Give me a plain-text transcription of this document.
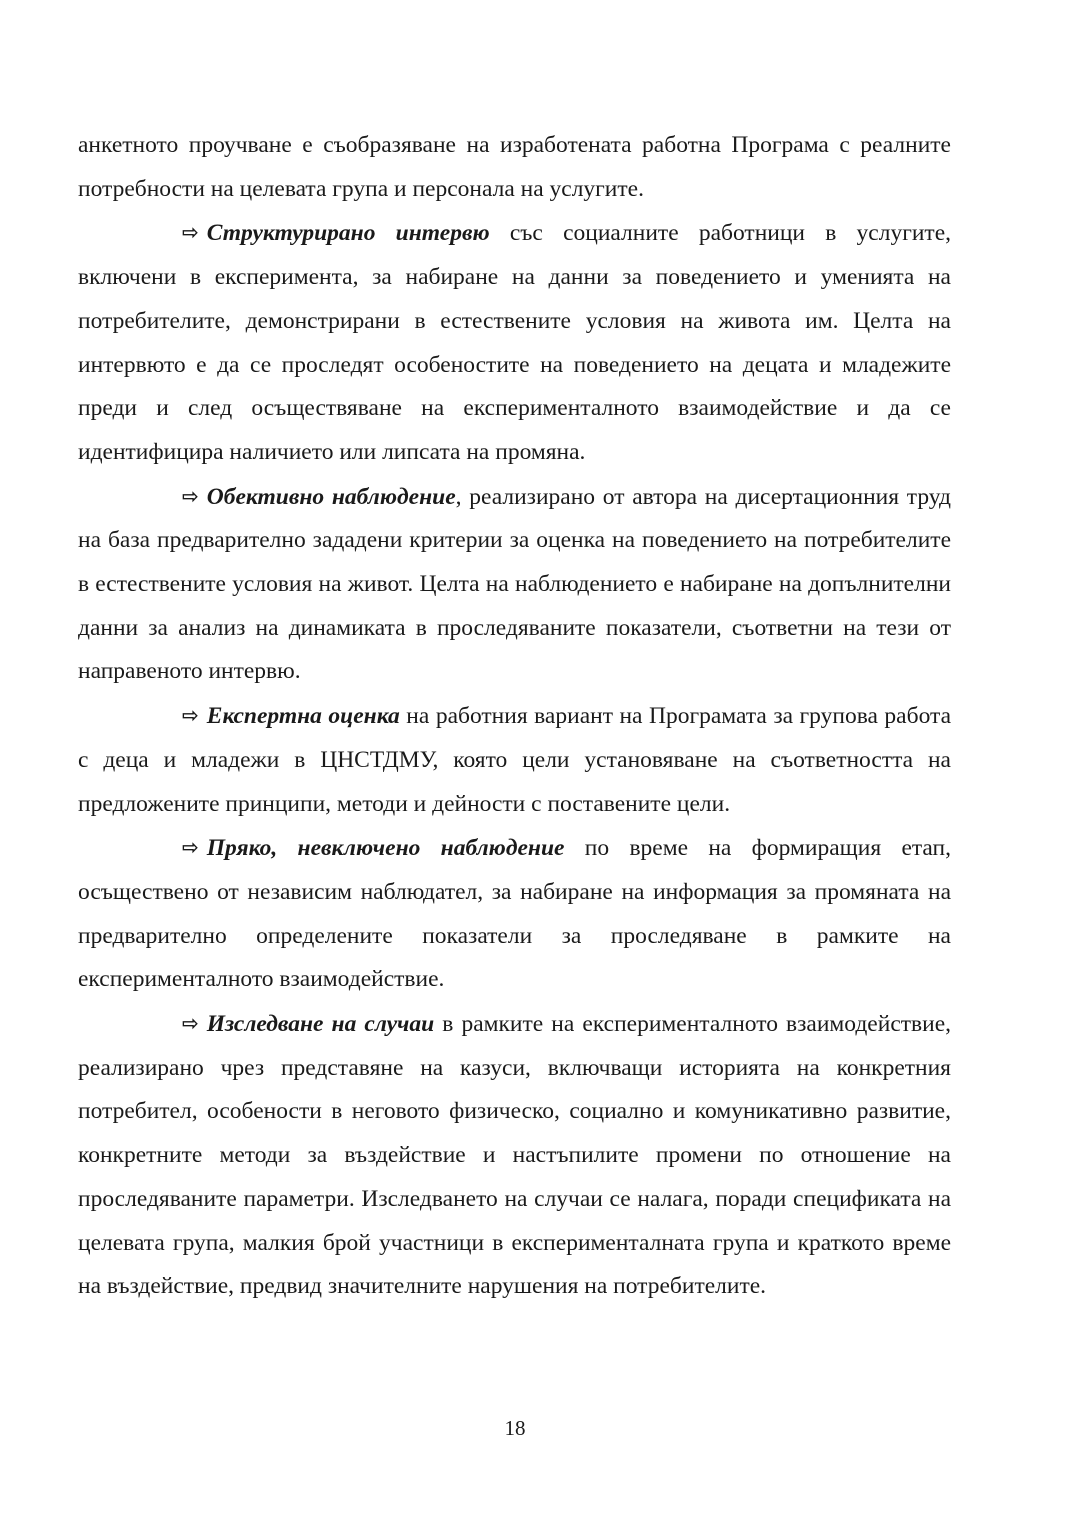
анкетното проучване е съобразяване на изработената работна Програма с реалните потребности на целевата група и персонала на услугите.

⇨ Структурирано интервю със социалните работници в услугите, включени в експеримента, за набиране на данни за поведението и уменията на потребителите, демонстрирани в естествените условия на живота им. Целта на интервюто е да се проследят особеностите на поведението на децата и младежите преди и след осъществяване на експерименталното взаимодействие и да се идентифицира наличието или липсата на промяна.

⇨ Обективно наблюдение, реализирано от автора на дисертационния труд на база предварително зададени критерии за оценка на поведението на потребителите в естествените условия на живот. Целта на наблюдението е набиране на допълнителни данни за анализ на динамиката в проследяваните показатели, съответни на тези от направеното интервю.

⇨ Експертна оценка на работния вариант на Програмата за групова работа с деца и младежи в ЦНСТДМУ, която цели установяване на съответността на предложените принципи, методи и дейности с поставените цели.

⇨ Пряко, невключено наблюдение по време на формиращия етап, осъществено от независим наблюдател, за набиране на информация за промяната на предварително определените показатели за проследяване в рамките на експерименталното взаимодействие.

⇨ Изследване на случаи в рамките на експерименталното взаимодействие, реализирано чрез представяне на казуси, включващи историята на конкретния потребител, особености в неговото физическо, социално и комуникативно развитие, конкретните методи за въздействие и настъпилите промени по отношение на проследяваните параметри. Изследването на случаи се налага, поради спецификата на целевата група, малкия брой участници в експерименталната група и краткото време на въздействие, предвид значителните нарушения на потребителите.

18
